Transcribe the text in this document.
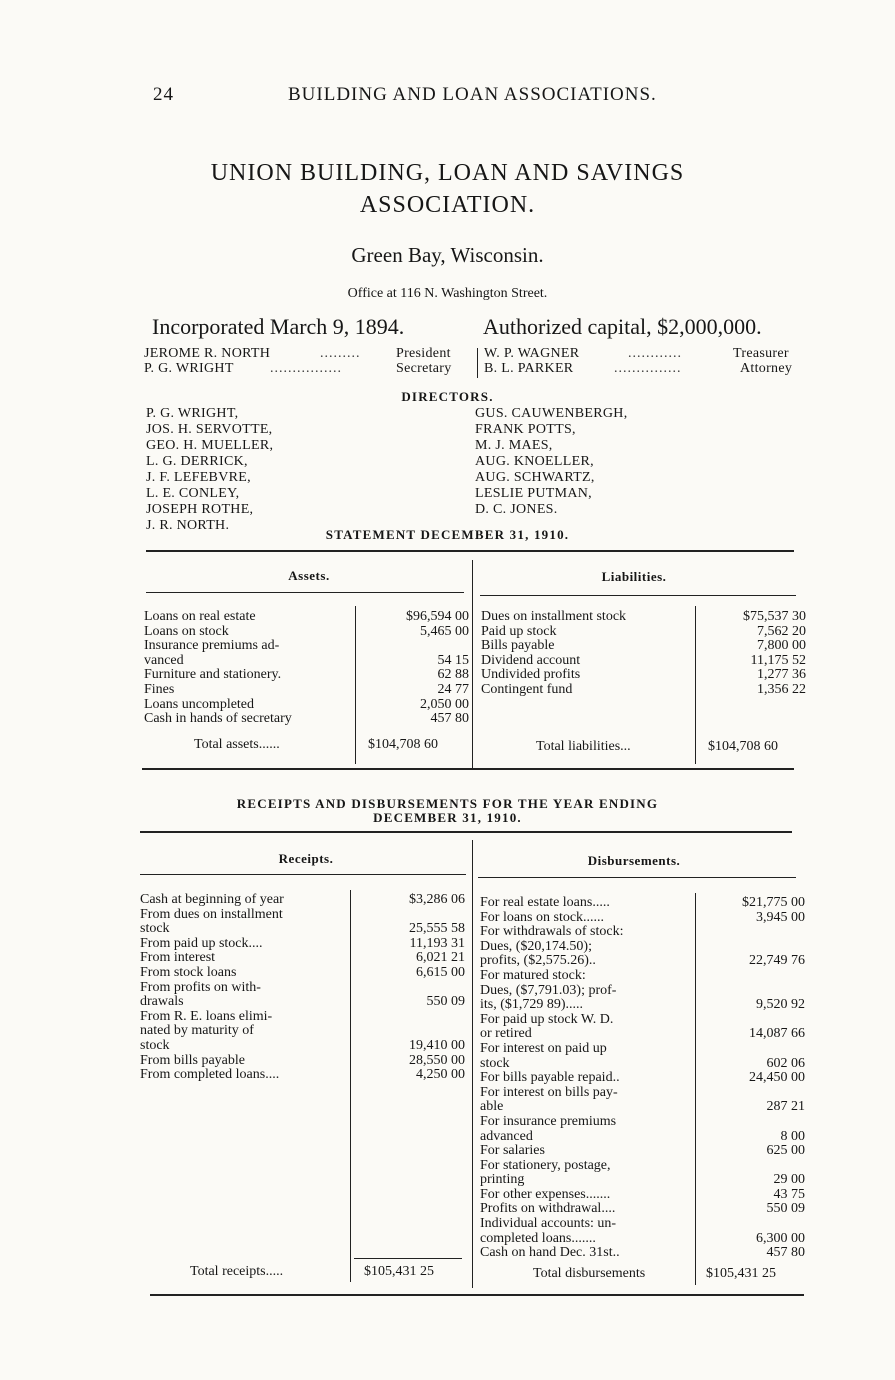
24	BUILDING AND LOAN ASSOCIATIONS.
UNION BUILDING, LOAN AND SAVINGS
ASSOCIATION.
Green Bay, Wisconsin.
Office at 116 N. Washington Street.
Incorporated March 9, 1894.	Authorized capital, $2,000,000.
JEROME R. NORTH	President
P. G. WRIGHT	Secretary
W. P. WAGNER	Treasurer
B. L. PARKER	Attorney
.........
................
............
...............
DIRECTORS.
P. G. WRIGHT,
JOS. H. SERVOTTE,
GEO. H. MUELLER,
L. G. DERRICK,
J. F. LEFEBVRE,
L. E. CONLEY,
JOSEPH ROTHE,
J. R. NORTH.
GUS. CAUWENBERGH,
FRANK POTTS,
M. J. MAES,
AUG. KNOELLER,
AUG. SCHWARTZ,
LESLIE PUTMAN,
D. C. JONES.
STATEMENT DECEMBER 31, 1910.
Assets.	Liabilities.
Loans on real estate	$96,594 00
Loans on stock	5,465 00
Insurance premiums ad-
vanced	54 15
Furniture and stationery.	62 88
Fines	24 77
Loans uncompleted	2,050 00
Cash in hands of secretary	457 80
Dues on installment stock	$75,537 30
Paid up stock	7,562 20
Bills payable	7,800 00
Dividend account	11,175 52
Undivided profits	1,277 36
Contingent fund	1,356 22
Total assets......	$104,708 60	Total liabilities...	$104,708 60
RECEIPTS AND DISBURSEMENTS FOR THE YEAR ENDING
DECEMBER 31, 1910.
Receipts.	Disbursements.
Cash at beginning of year	$3,286 06
From dues on installment
stock	25,555 58
From paid up stock....	11,193 31
From interest	6,021 21
From stock loans	6,615 00
From profits on with-
drawals	550 09
From R. E. loans elimi-
nated by maturity of
stock	19,410 00
From bills payable	28,550 00
From completed loans....	4,250 00
For real estate loans.....	$21,775 00
For loans on stock......	3,945 00
For withdrawals of stock:
Dues, ($20,174.50);
profits, ($2,575.26)..	22,749 76
For matured stock:
Dues, ($7,791.03); prof-
its, ($1,729 89).....	9,520 92
For paid up stock W. D.
or retired	14,087 66
For interest on paid up
stock	602 06
For bills payable repaid..	24,450 00
For interest on bills pay-
able	287 21
For insurance premiums
advanced	8 00
For salaries	625 00
For stationery, postage,
printing	29 00
For other expenses.......	43 75
Profits on withdrawal....	550 09
Individual accounts: un-
completed loans.......	6,300 00
Cash on hand Dec. 31st..	457 80
Total receipts.....	$105,431 25	Total disbursements	$105,431 25
